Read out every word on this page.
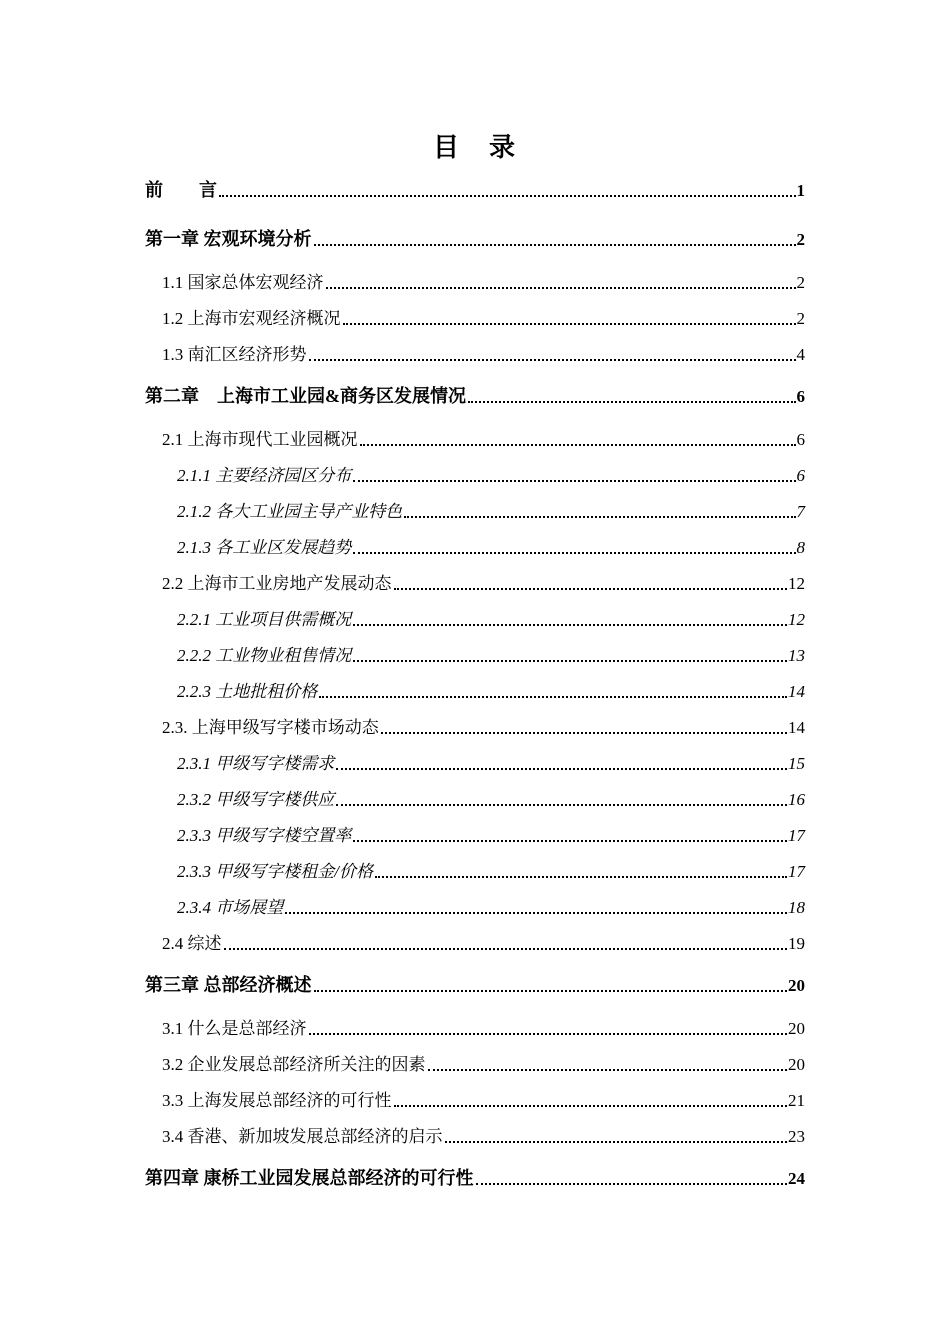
目　录
前　　言	1
第一章 宏观环境分析	2
1.1 国家总体宏观经济	2
1.2 上海市宏观经济概况	2
1.3 南汇区经济形势	4
第二章　上海市工业园&商务区发展情况	6
2.1 上海市现代工业园概况	6
2.1.1 主要经济园区分布	6
2.1.2 各大工业园主导产业特色	7
2.1.3 各工业区发展趋势	8
2.2 上海市工业房地产发展动态	12
2.2.1 工业项目供需概况	12
2.2.2 工业物业租售情况	13
2.2.3 土地批租价格	14
2.3. 上海甲级写字楼市场动态	14
2.3.1 甲级写字楼需求	15
2.3.2 甲级写字楼供应	16
2.3.3 甲级写字楼空置率	17
2.3.3 甲级写字楼租金/价格	17
2.3.4 市场展望	18
2.4 综述	19
第三章 总部经济概述	20
3.1 什么是总部经济	20
3.2 企业发展总部经济所关注的因素	20
3.3 上海发展总部经济的可行性	21
3.4 香港、新加坡发展总部经济的启示	23
第四章 康桥工业园发展总部经济的可行性	24
